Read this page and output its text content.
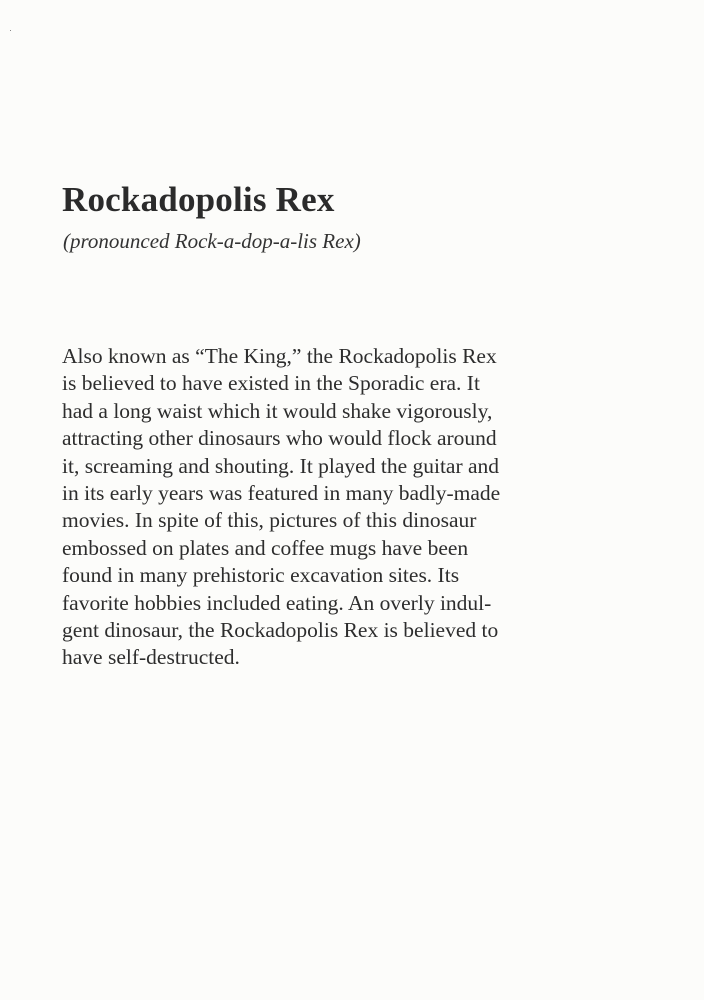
Rockadopolis Rex

(pronounced Rock-a-dop-a-lis Rex)

Also known as “The King,” the Rockadopolis Rex
is believed to have existed in the Sporadic era. It
had a long waist which it would shake vigorously,
attracting other dinosaurs who would flock around
it, screaming and shouting. It played the guitar and
in its early years was featured in many badly-made
movies. In spite of this, pictures of this dinosaur
embossed on plates and coffee mugs have been
found in many prehistoric excavation sites. Its
favorite hobbies included eating. An overly indul-
gent dinosaur, the Rockadopolis Rex is believed to
have self-destructed.
